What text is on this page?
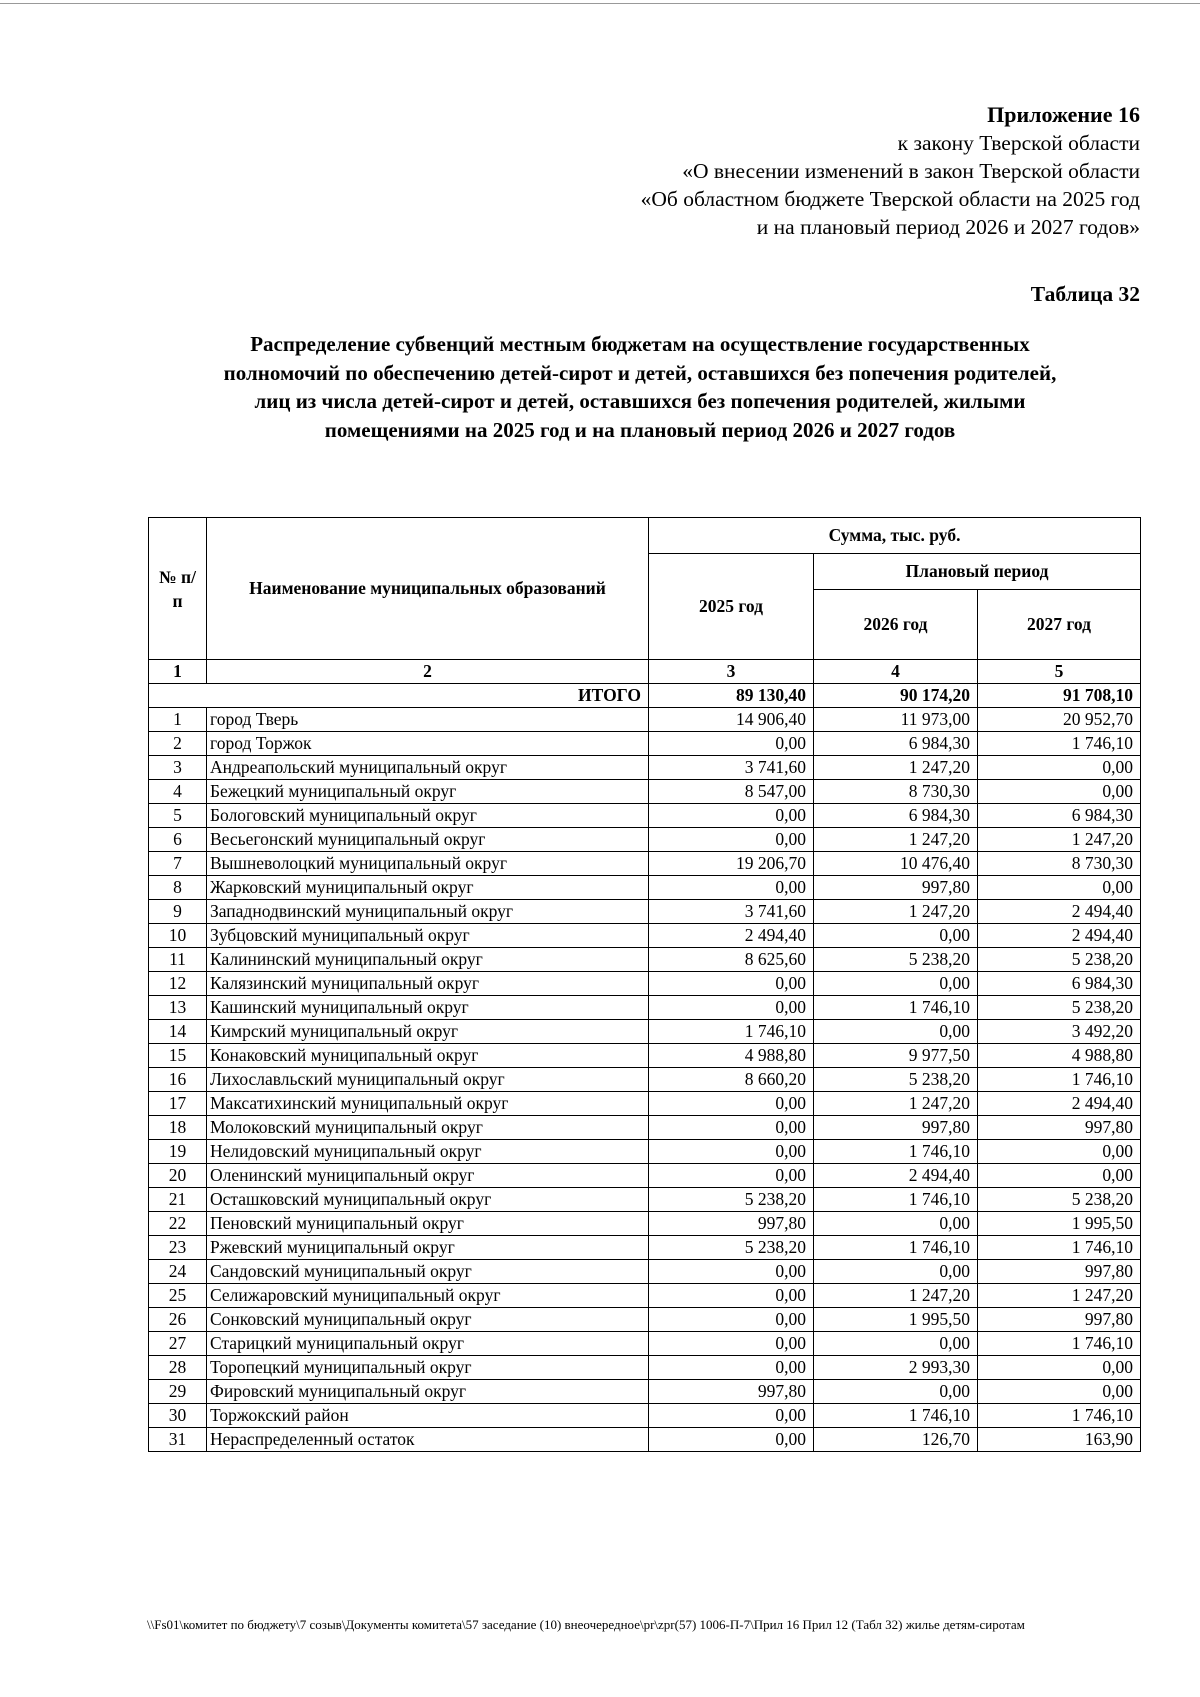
Приложение 16
к закону Тверской области
«О внесении изменений в закон Тверской области
«Об областном бюджете Тверской области на 2025 год
и на плановый период 2026 и 2027 годов»
Таблица 32
Распределение субвенций местным бюджетам на осуществление государственных
полномочий по обеспечению детей-сирот и детей, оставшихся без попечения родителей,
лиц из числа детей-сирот и детей, оставшихся без попечения родителей, жилыми
помещениями на 2025 год и на плановый период 2026 и 2027 годов
№ п/п	Наименование муниципальных образований	Сумма, тыс. руб.		
		2025 год	Плановый период	
			2026 год	2027 год
1	2	3	4	5
ИТОГО		89 130,40	90 174,20	91 708,10
1	город Тверь	14 906,40	11 973,00	20 952,70
2	город Торжок	0,00	6 984,30	1 746,10
3	Андреапольский муниципальный округ	3 741,60	1 247,20	0,00
4	Бежецкий муниципальный округ	8 547,00	8 730,30	0,00
5	Бологовский муниципальный округ	0,00	6 984,30	6 984,30
6	Весьегонский муниципальный округ	0,00	1 247,20	1 247,20
7	Вышневолоцкий муниципальный округ	19 206,70	10 476,40	8 730,30
8	Жарковский муниципальный округ	0,00	997,80	0,00
9	Западнодвинский муниципальный округ	3 741,60	1 247,20	2 494,40
10	Зубцовский муниципальный округ	2 494,40	0,00	2 494,40
11	Калининский муниципальный округ	8 625,60	5 238,20	5 238,20
12	Калязинский муниципальный округ	0,00	0,00	6 984,30
13	Кашинский муниципальный округ	0,00	1 746,10	5 238,20
14	Кимрский муниципальный округ	1 746,10	0,00	3 492,20
15	Конаковский муниципальный округ	4 988,80	9 977,50	4 988,80
16	Лихославльский муниципальный округ	8 660,20	5 238,20	1 746,10
17	Максатихинский муниципальный округ	0,00	1 247,20	2 494,40
18	Молоковский муниципальный округ	0,00	997,80	997,80
19	Нелидовский муниципальный округ	0,00	1 746,10	0,00
20	Оленинский муниципальный округ	0,00	2 494,40	0,00
21	Осташковский муниципальный округ	5 238,20	1 746,10	5 238,20
22	Пеновский муниципальный округ	997,80	0,00	1 995,50
23	Ржевский муниципальный округ	5 238,20	1 746,10	1 746,10
24	Сандовский муниципальный округ	0,00	0,00	997,80
25	Селижаровский муниципальный округ	0,00	1 247,20	1 247,20
26	Сонковский муниципальный округ	0,00	1 995,50	997,80
27	Старицкий муниципальный округ	0,00	0,00	1 746,10
28	Торопецкий муниципальный округ	0,00	2 993,30	0,00
29	Фировский муниципальный округ	997,80	0,00	0,00
30	Торжокский район	0,00	1 746,10	1 746,10
31	Нераспределенный остаток	0,00	126,70	163,90
\\Fs01\комитет по бюджету\7 созыв\Документы комитета\57 заседание (10) внеочередное\pr\zpr(57) 1006-П-7\Прил 16 Прил 12 (Табл 32) жилье детям-сиротам
